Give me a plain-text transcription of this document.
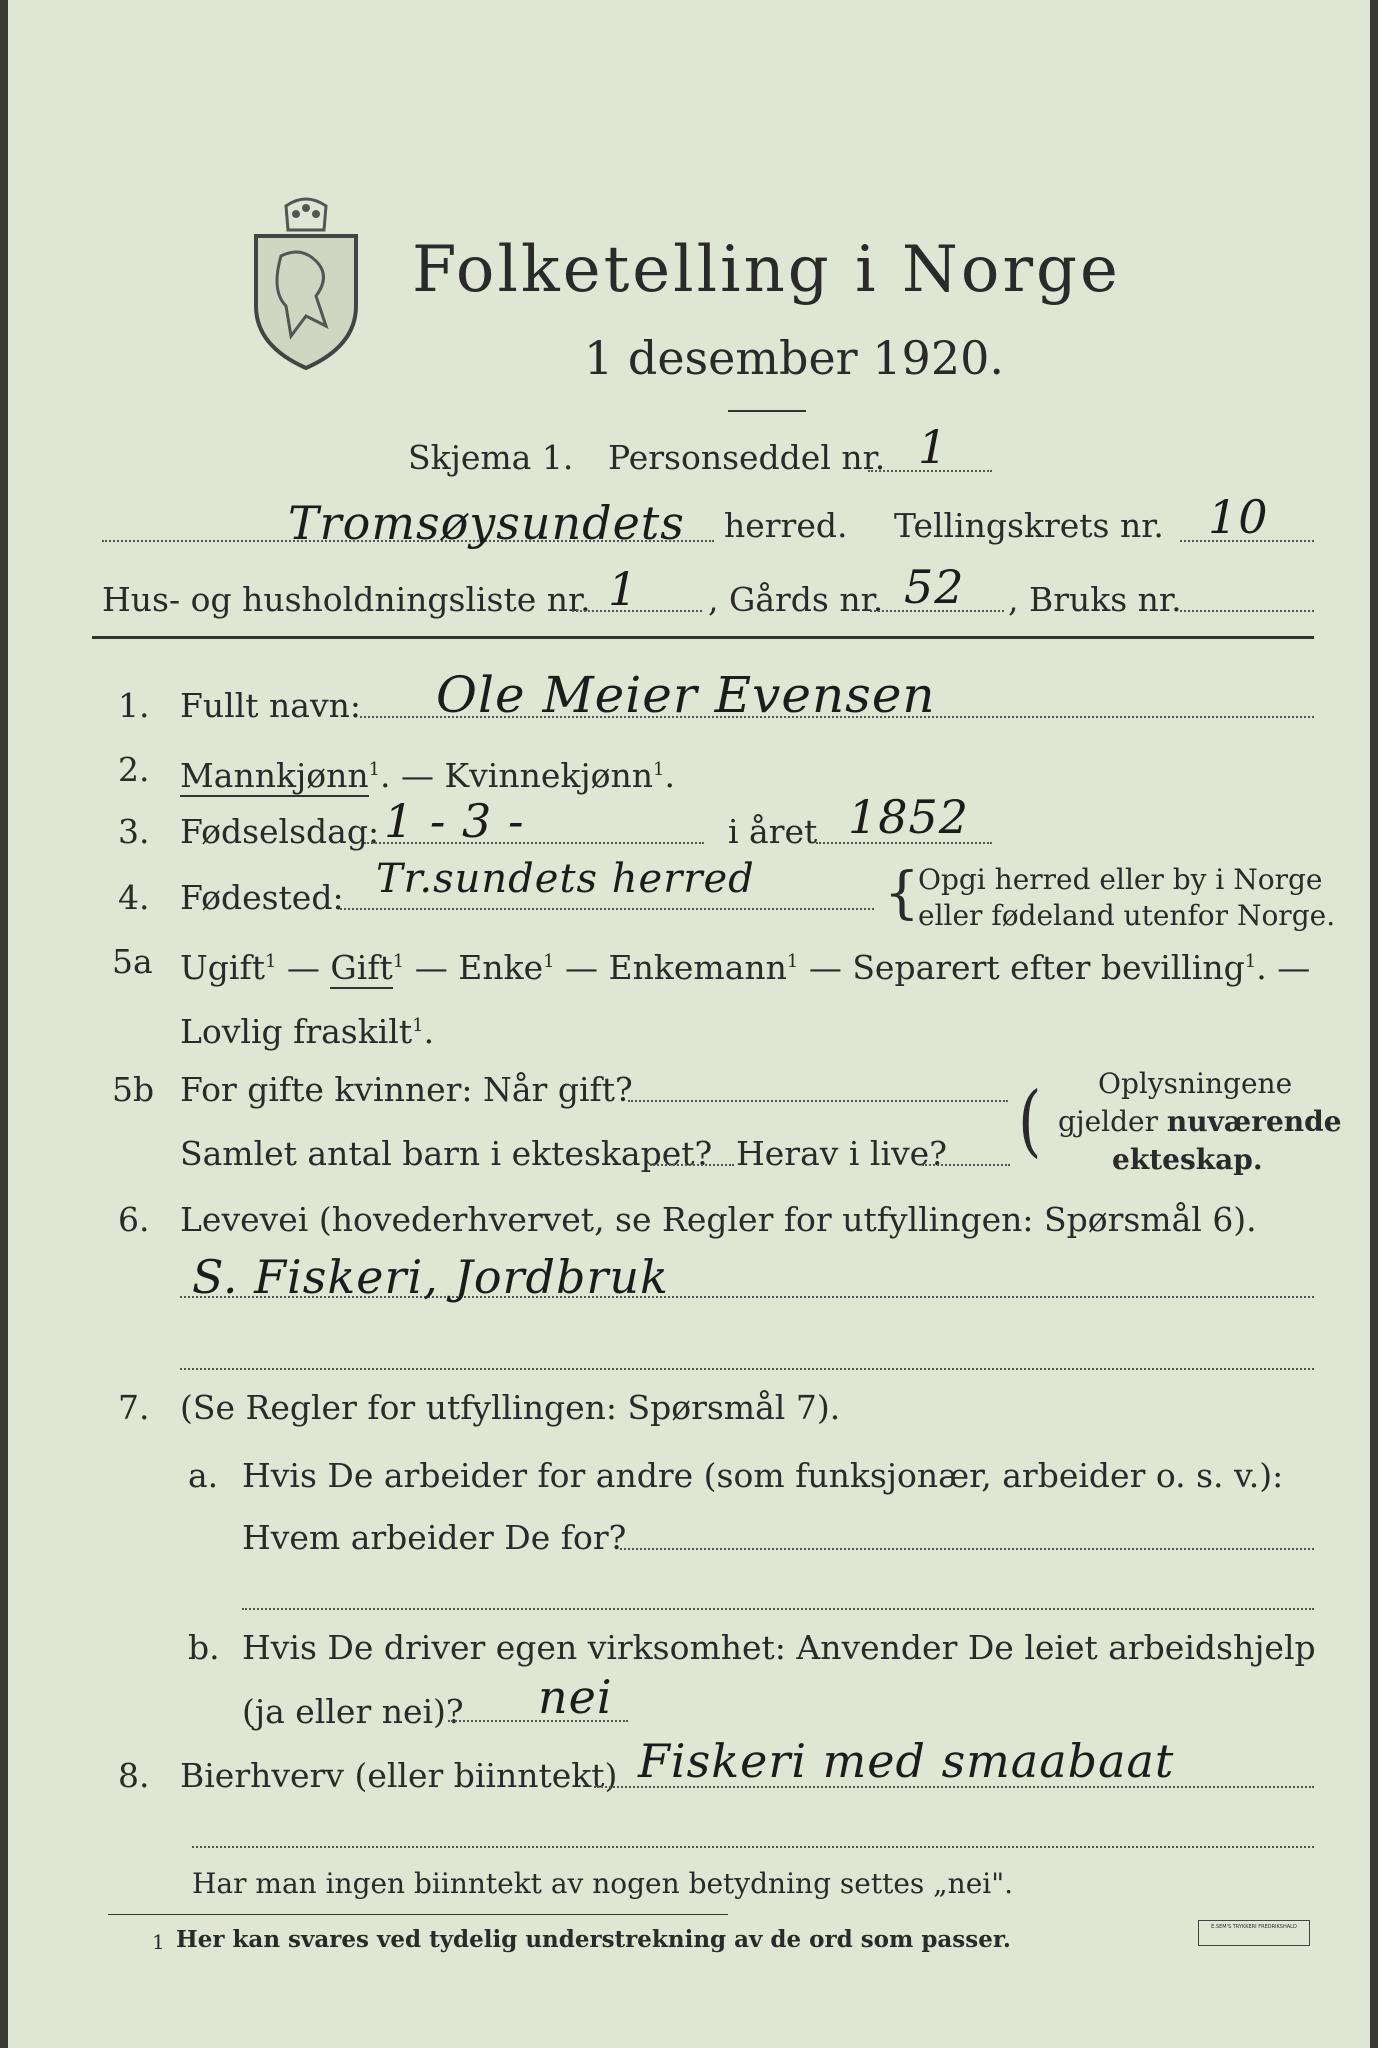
Folketelling i Norge
1 desember 1920.
Skjema 1. Personseddel nr. 1
Tromsøysundets herred. Tellingskrets nr. 10
Hus- og husholdningsliste nr. 1 , Gårds nr. 52 , Bruks nr.
1. Fullt navn: Ole Meier Evensen
2. Mannkjønn$^1$. — Kvinnekjønn$^1$.
3. Fødselsdag: 1 - 3 -	i året 1852
4. Fødested: Tr.sundets herred {
Opgi herred eller by i Norge
eller fødeland utenfor Norge.
5a Ugift$^1$ — Gift$^1$ — Enke$^1$ — Enkemann$^1$ — Separert efter bevilling$^1$. —
Lovlig fraskilt$^1$.
5b For gifte kvinner: Når gift?
Samlet antal barn i ekteskapet? Herav i live? ( Oplysningene
gjelder nuværende
ekteskap.
6. Levevei (hovederhvervet, se Regler for utfyllingen: Spørsmål 6).
S. Fiskeri, Jordbruk
7. (Se Regler for utfyllingen: Spørsmål 7).
a. Hvis De arbeider for andre (som funksjonær, arbeider o. s. v.):
Hvem arbeider De for?
b. Hvis De driver egen virksomhet: Anvender De leiet arbeidshjelp
(ja eller nei)? nei
8. Bierhverv (eller biinntekt) Fiskeri med smaabaat
Har man ingen biinntekt av nogen betydning settes „nei".
1 Her kan svares ved tydelig understrekning av de ord som passer.	E.SEM'S TRYKKERI FREDRIKSHALD
